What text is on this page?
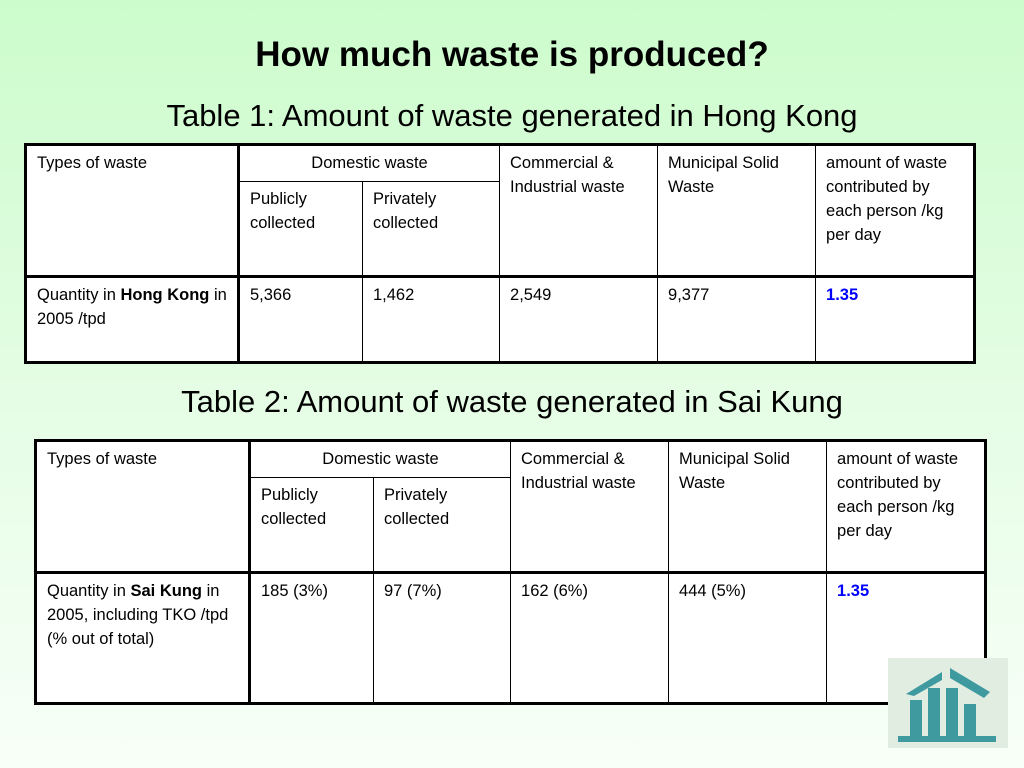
How much waste is produced?
Table 1: Amount of waste generated in Hong Kong
Types of waste	Domestic waste		Commercial & Industrial waste	Municipal Solid Waste	amount of waste contributed by each person /kg per day
	Publicly collected	Privately collected			
Quantity in Hong Kong in 2005 /tpd	5,366	1,462	2,549	9,377	1.35
Table 2: Amount of waste generated in Sai Kung
Types of waste	Domestic waste		Commercial & Industrial waste	Municipal Solid Waste	amount of waste contributed by each person /kg per day
	Publicly collected	Privately collected			
Quantity in Sai Kung in 2005, including TKO /tpd (% out of total)	185 (3%)	97 (7%)	162 (6%)	444 (5%)	1.35
